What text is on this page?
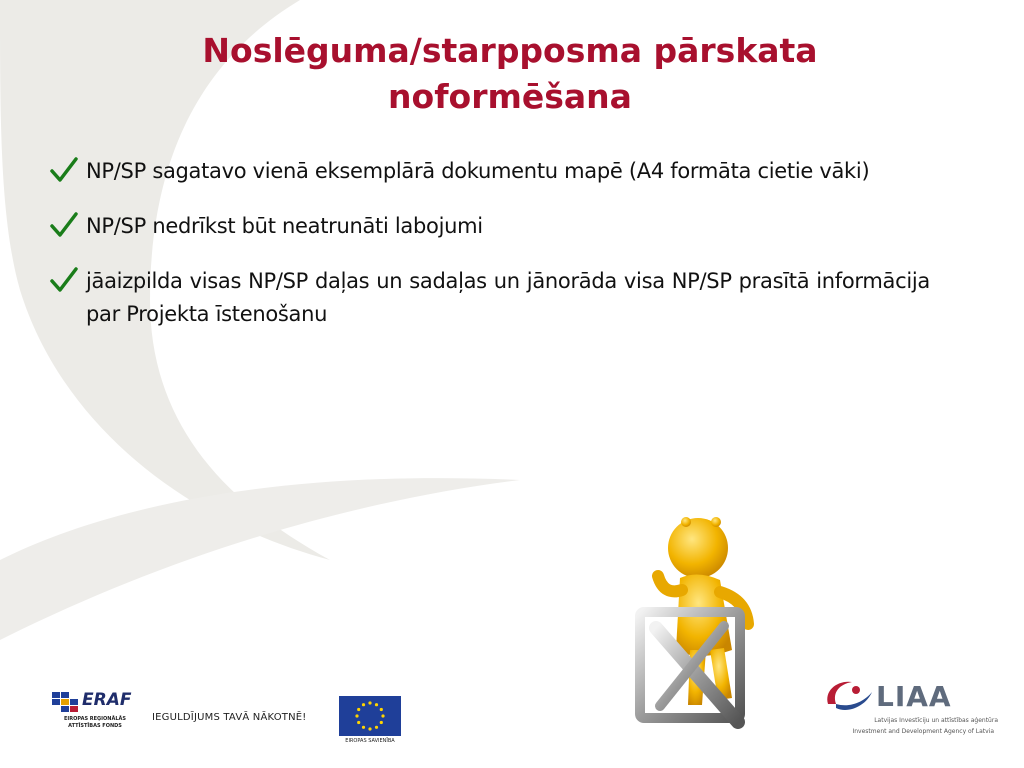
Noslēguma/starpposma pārskata noformēšana
NP/SP sagatavo vienā eksemplārā dokumentu mapē (A4 formāta cietie vāki)
NP/SP nedrīkst būt neatrunāti labojumi
jāaizpilda visas NP/SP daļas un sadaļas un jānorāda visa NP/SP prasītā informācija par Projekta īstenošanu
ERAF
EIROPAS REĢIONĀLĀS
ATTĪSTĪBAS FONDS
IEGULDĪJUMS TAVĀ NĀKOTNĒ!
EIROPAS SAVIENĪBA
LIAA
Latvijas Investīciju un attīstības aģentūra
Investment and Development Agency of Latvia
